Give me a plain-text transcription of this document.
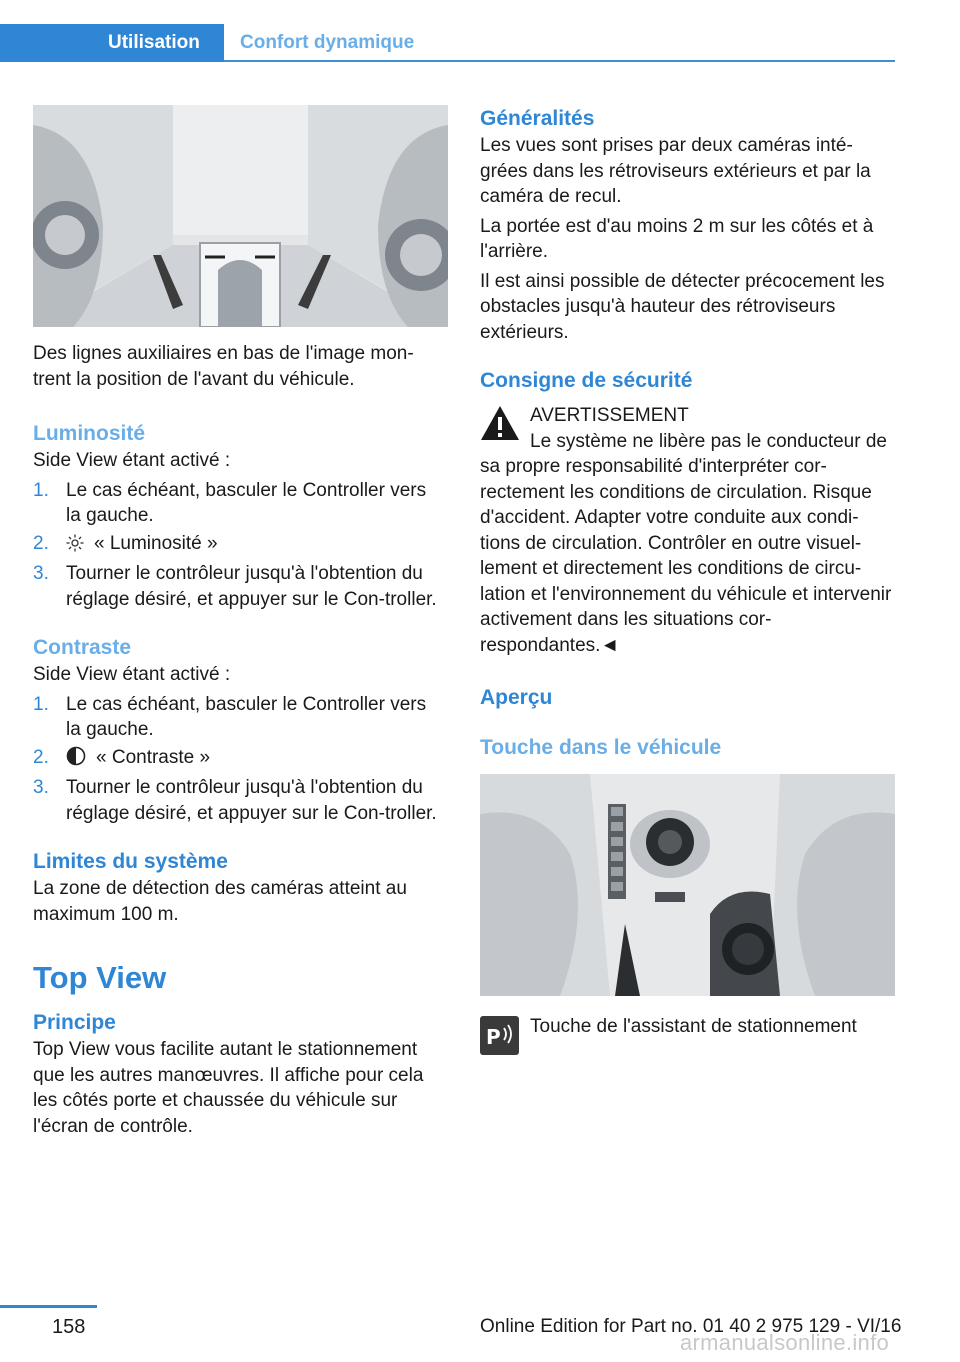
Utilisation	Confort dynamique

Des lignes auxiliaires en bas de l'image mon-trent la position de l'avant du véhicule.

Luminosité

Side View étant activé :

1. Le cas échéant, basculer le Controller vers la gauche.
2. « Luminosité »
3. Tourner le contrôleur jusqu'à l'obtention du réglage désiré, et appuyer sur le Con-troller.
Contraste

Side View étant activé :

1. Le cas échéant, basculer le Controller vers la gauche.
2. « Contraste »
3. Tourner le contrôleur jusqu'à l'obtention du réglage désiré, et appuyer sur le Con-troller.
Limites du système

La zone de détection des caméras atteint au maximum 100 m.

Top View
Principe

Top View vous facilite autant le stationnement que les autres manœuvres. Il affiche pour cela les côtés porte et chaussée du véhicule sur l'écran de contrôle.

Généralités

Les vues sont prises par deux caméras inté-grées dans les rétroviseurs extérieurs et par la caméra de recul.

La portée est d'au moins 2 m sur les côtés et à l'arrière.

Il est ainsi possible de détecter précocement les obstacles jusqu'à hauteur des rétroviseurs extérieurs.

Consigne de sécurité

AVERTISSEMENT

Le système ne libère pas le conducteur de sa propre responsabilité d'interpréter cor-rectement les conditions de circulation. Risque d'accident. Adapter votre conduite aux condi-tions de circulation. Contrôler en outre visuel-lement et directement les conditions de circu-lation et l'environnement du véhicule et intervenir activement dans les situations cor-respondantes.◄

Aperçu
Touche dans le véhicule
P Touche de l'assistant de stationnement

158	Online Edition for Part no. 01 40 2 975 129 - VI/16
armanualsonline.info
